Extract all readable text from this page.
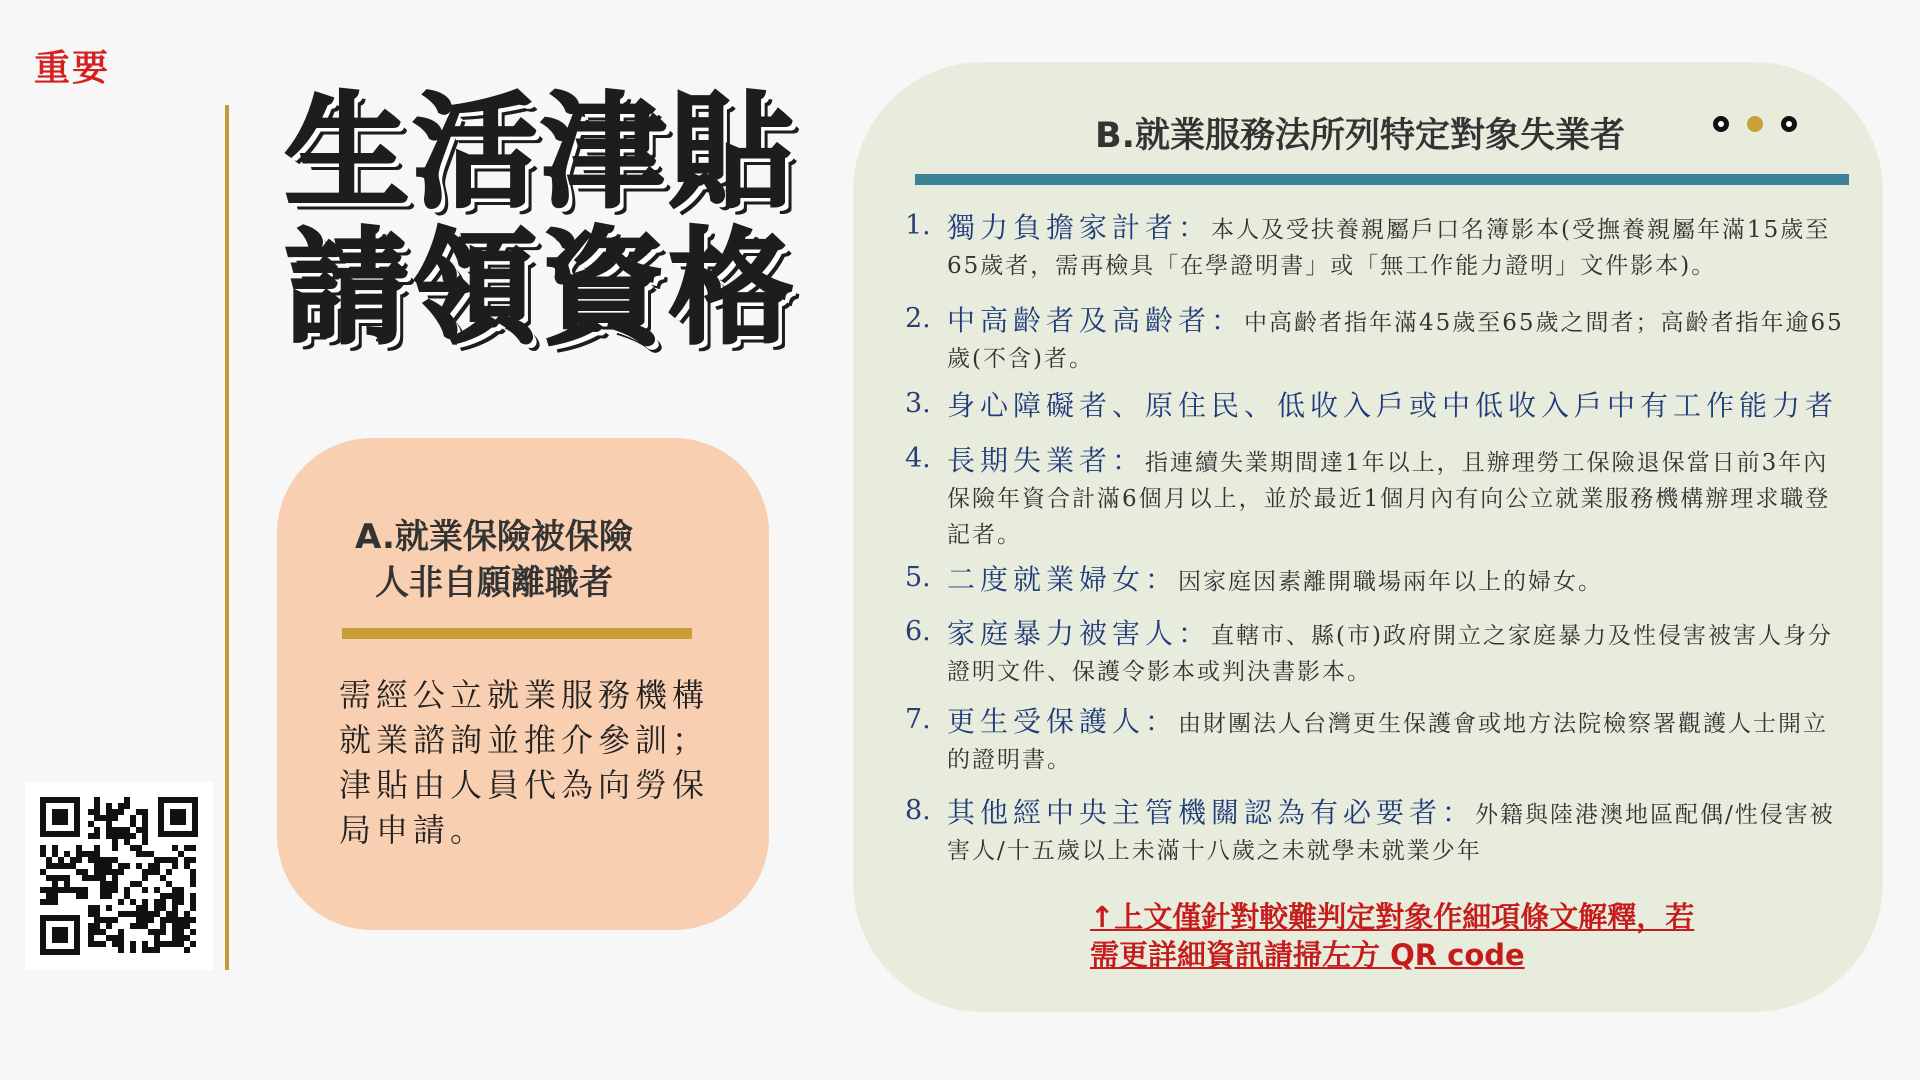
重要
生活津貼
請領資格
A.就業保險被保險
人非自願離職者
需經公立就業服務機構就業諮詢並推介參訓；津貼由人員代為向勞保局申請。
B.就業服務法所列特定對象失業者
1. 獨力負擔家計者：本人及受扶養親屬戶口名簿影本(受撫養親屬年滿15歲至65歲者，需再檢具「在學證明書」或「無工作能力證明」文件影本)。
2. 中高齡者及高齡者：中高齡者指年滿45歲至65歲之間者；高齡者指年逾65歲(不含)者。
3. 身心障礙者、原住民、低收入戶或中低收入戶中有工作能力者
4. 長期失業者：指連續失業期間達1年以上，且辦理勞工保險退保當日前3年內保險年資合計滿6個月以上，並於最近1個月內有向公立就業服務機構辦理求職登記者。
5. 二度就業婦女：因家庭因素離開職場兩年以上的婦女。
6. 家庭暴力被害人：直轄市、縣(市)政府開立之家庭暴力及性侵害被害人身分證明文件、保護令影本或判決書影本。
7. 更生受保護人：由財團法人台灣更生保護會或地方法院檢察署觀護人士開立的證明書。
8. 其他經中央主管機關認為有必要者：外籍與陸港澳地區配偶/性侵害被害人/十五歲以上未滿十八歲之未就學未就業少年
↑上文僅針對較難判定對象作細項條文解釋，若需更詳細資訊請掃左方 QR code
